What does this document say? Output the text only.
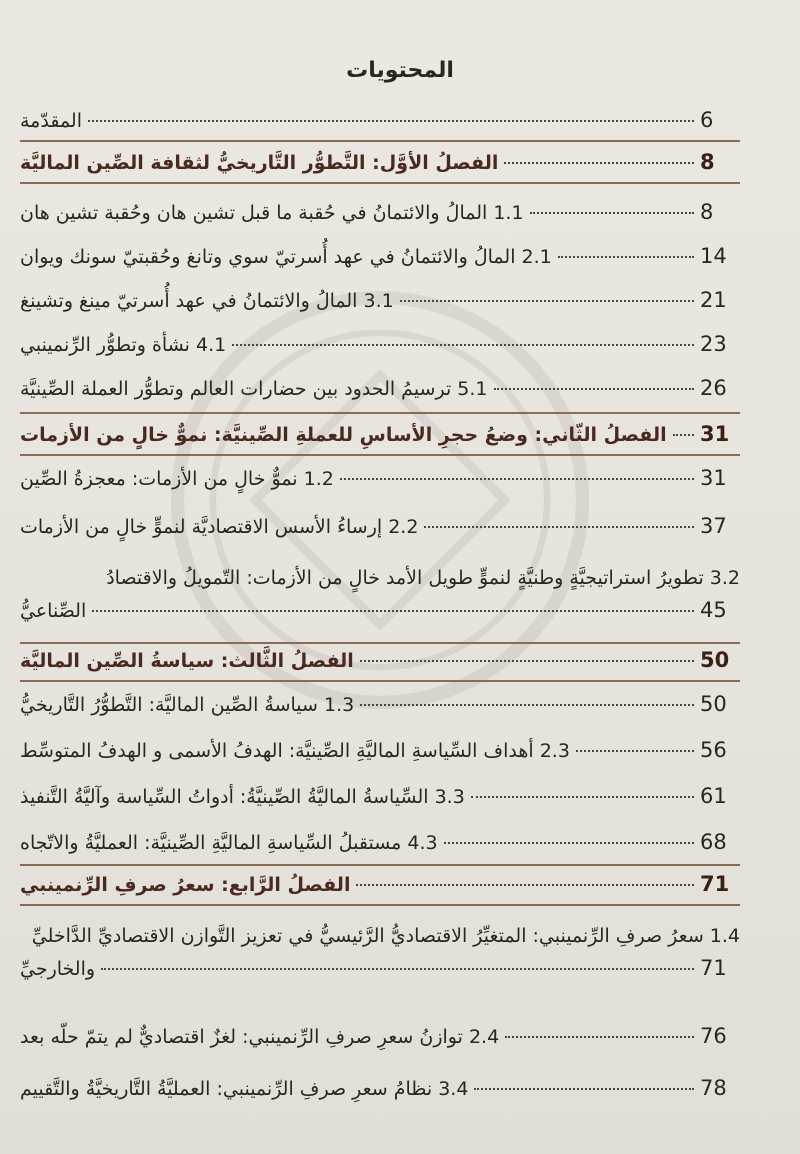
المحتويات
المقدّمة	6
الفصلُ الأوَّل: التَّطوُّر التَّاريخيُّ لثقافة الصِّين الماليَّة	8
1.1 المالُ والائتمانُ في حُقبة ما قبل تشين هان وحُقبة تشين هان	8
2.1 المالُ والائتمانُ في عهد أُسرتيّ سوي وتانغ وحُقبتيّ سونك ويوان	14
3.1 المالُ والائتمانُ في عهد أُسرتيّ مينغ وتشينغ	21
4.1 نشأة وتطوُّر الرِّنمينبي	23
5.1 ترسيمُ الحدود بين حضارات العالم وتطوُّر العملة الصِّينيَّة	26
الفصلُ الثّاني: وضعُ حجرِ الأساسِ للعملةِ الصِّينيَّة: نموٌّ خالٍ من الأزمات 31
1.2 نموٌّ خالٍ من الأزمات: معجزةُ الصِّين	31
2.2 إرساءُ الأسس الاقتصاديَّة لنموٍّ خالٍ من الأزمات	37
3.2 تطويرُ استراتيجيَّةٍ وطنيَّةٍ لنموٍّ طويل الأمد خالٍ من الأزمات: التّمويلُ والاقتصادُ
الصِّناعيُّ	45
الفصلُ الثَّالث: سياسةُ الصِّين الماليَّة	50
1.3 سياسةُ الصِّين الماليَّة: التَّطوُّرُ التَّاريخيُّ	50
2.3 أهداف السِّياسةِ الماليَّةِ الصِّينيَّة: الهدفُ الأسمى و الهدفُ المتوسِّط	56
3.3 السِّياسةُ الماليَّةُ الصِّينيَّةُ: أدواتُ السِّياسة وآليَّةُ التَّنفيذ	61
4.3 مستقبلُ السِّياسةِ الماليَّةِ الصِّينيَّة: العمليَّةُ والاتّجاه	68
الفصلُ الرَّابع: سعرُ صرفِ الرِّنمينبي	71
1.4 سعرُ صرفِ الرِّنمينبي: المتغيِّرُ الاقتصاديُّ الرَّئيسيُّ في تعزيز التَّوازن الاقتصاديِّ الدَّاخليِّ
والخارجيِّ	71
2.4 توازنُ سعرِ صرفِ الرِّنمينبي: لغزٌ اقتصاديٌّ لم يتمّ حلّه بعد	76
3.4 نظامُ سعرِ صرفِ الرِّنمينبي: العمليَّةُ التَّاريخيَّةُ والتَّقييم	78
